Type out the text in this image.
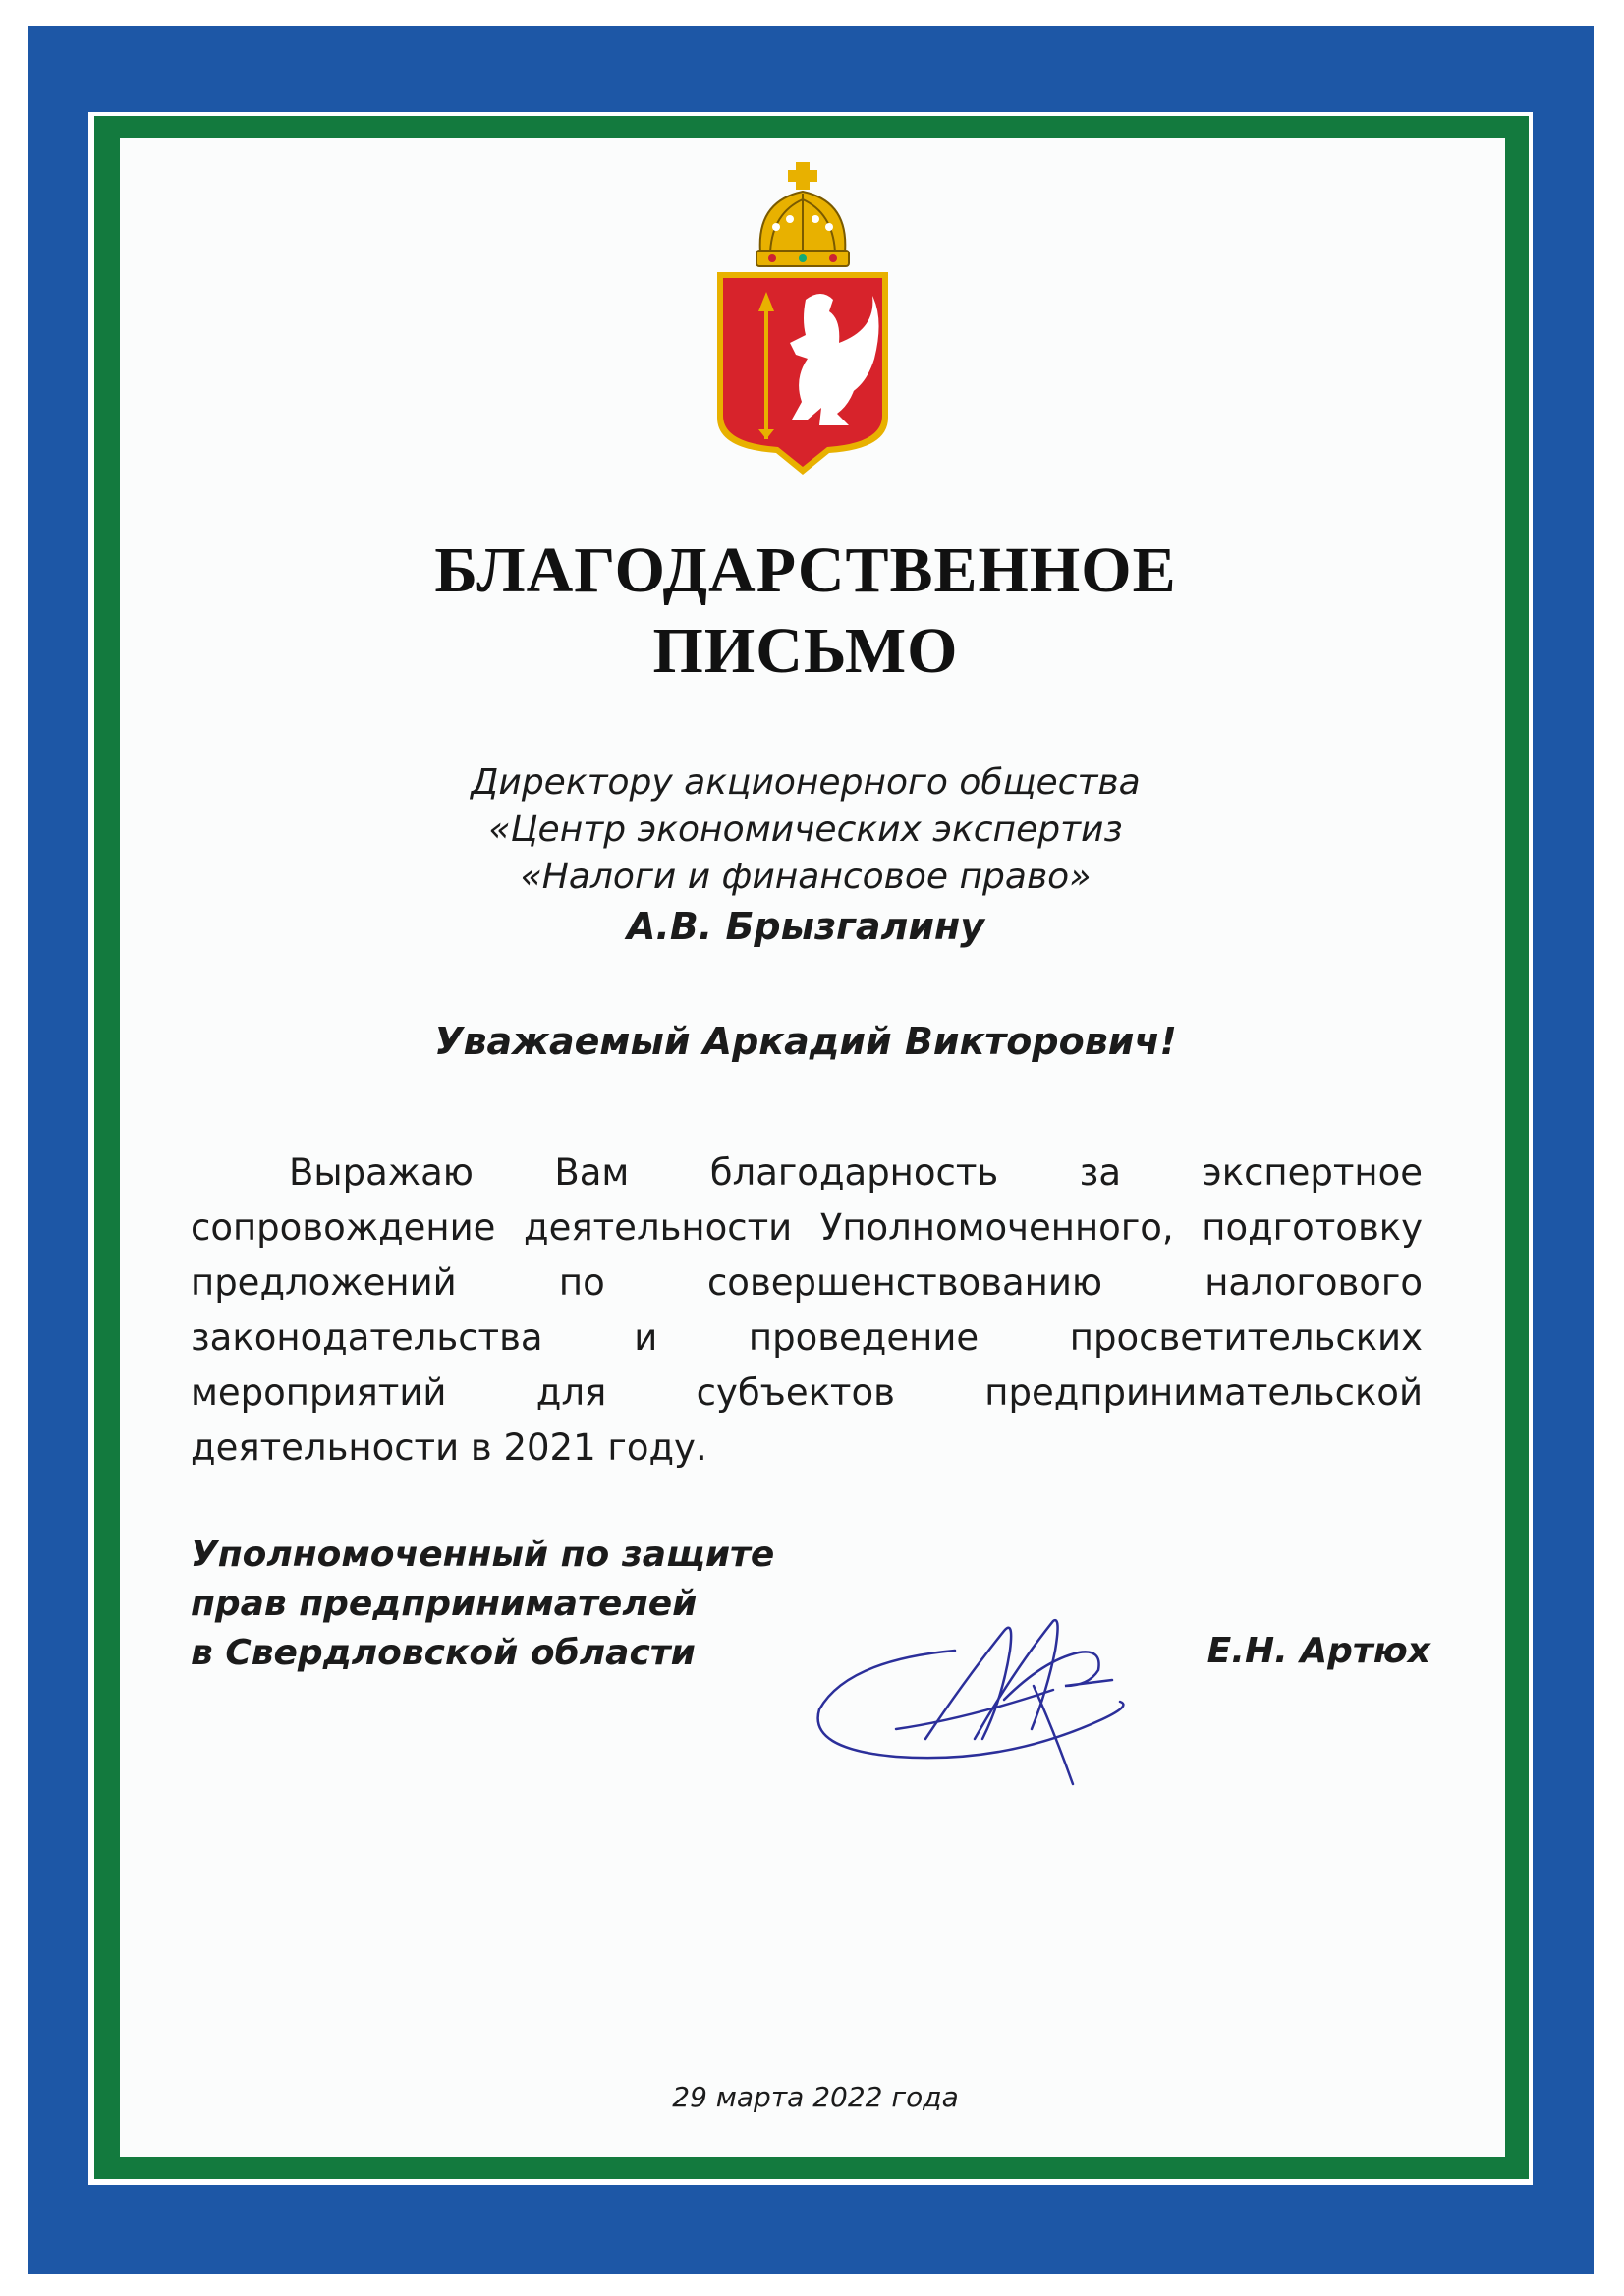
БЛАГОДАРСТВЕННОЕ
ПИСЬМО
Директору акционерного общества
«Центр экономических экспертиз
«Налоги и финансовое право»
А.В. Брызгалину
Уважаемый Аркадий Викторович!
Выражаю Вам благодарность за экспертное сопровождение деятельности Уполномоченного, подготовку предложений по совершенствованию налогового законодательства и проведение просветительских мероприятий для субъектов предпринимательской деятельности в 2021 году.
Уполномоченный по защите
прав предпринимателей
в Свердловской области	Е.Н. Артюх
29 марта 2022 года
